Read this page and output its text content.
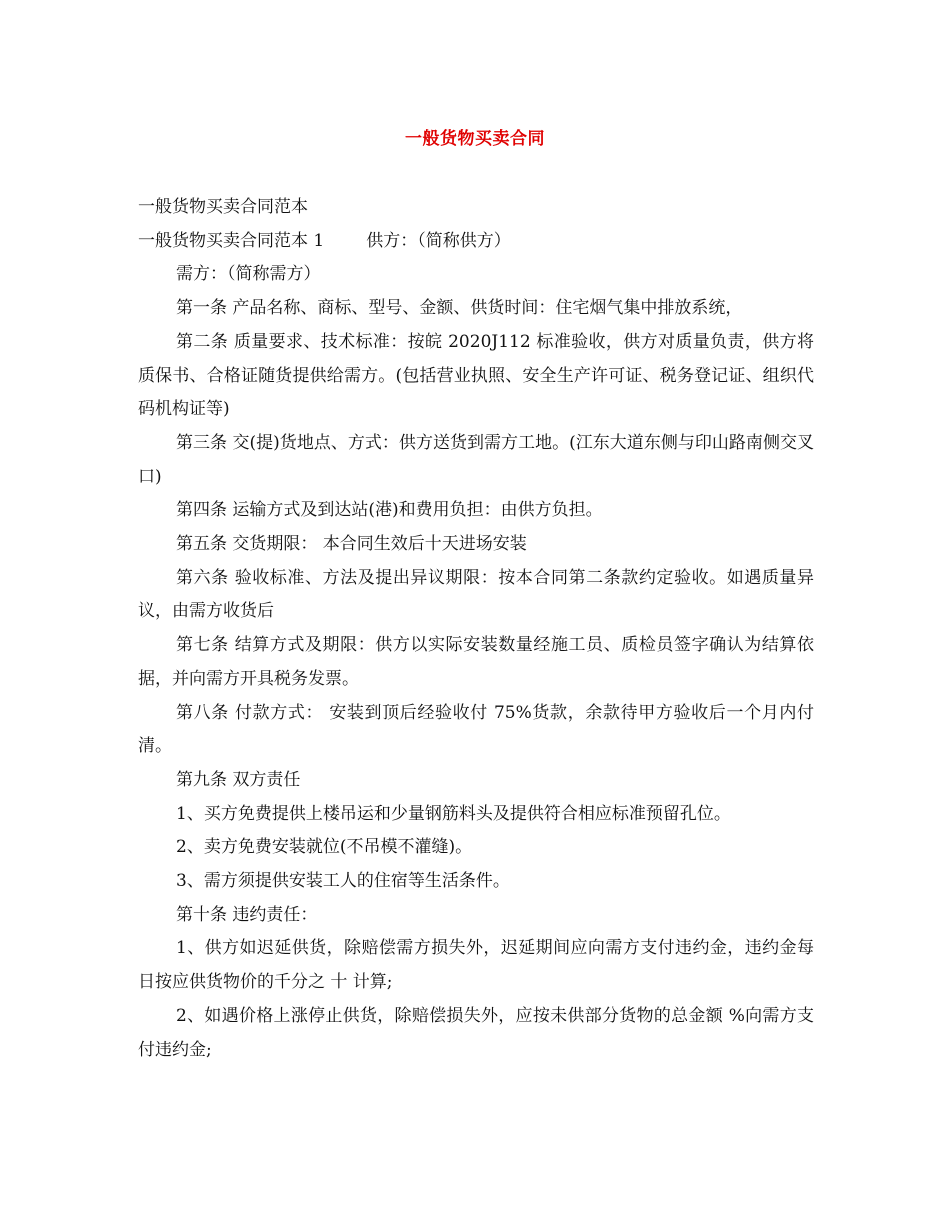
一般货物买卖合同

一般货物买卖合同范本

一般货物买卖合同范本 1 供方：（简称供方）

需方：（简称需方）

第一条 产品名称、商标、型号、金额、供货时间：住宅烟气集中排放系统，

第二条 质量要求、技术标准：按皖 2020J112 标准验收，供方对质量负责，供方将质保书、合格证随货提供给需方。(包括营业执照、安全生产许可证、税务登记证、组织代码机构证等)

第三条 交(提)货地点、方式：供方送货到需方工地。(江东大道东侧与印山路南侧交叉口)

第四条 运输方式及到达站(港)和费用负担：由供方负担。

第五条 交货期限： 本合同生效后十天进场安装

第六条 验收标准、方法及提出异议期限：按本合同第二条款约定验收。如遇质量异议，由需方收货后

第七条 结算方式及期限：供方以实际安装数量经施工员、质检员签字确认为结算依据，并向需方开具税务发票。

第八条 付款方式： 安装到顶后经验收付 75%货款，余款待甲方验收后一个月内付清。

第九条 双方责任

1、买方免费提供上楼吊运和少量钢筋料头及提供符合相应标准预留孔位。

2、卖方免费安装就位(不吊模不灌缝)。

3、需方须提供安装工人的住宿等生活条件。

第十条 违约责任：

1、供方如迟延供货，除赔偿需方损失外，迟延期间应向需方支付违约金，违约金每日按应供货物价的千分之 十 计算;

2、如遇价格上涨停止供货，除赔偿损失外，应按未供部分货物的总金额 %向需方支付违约金;
